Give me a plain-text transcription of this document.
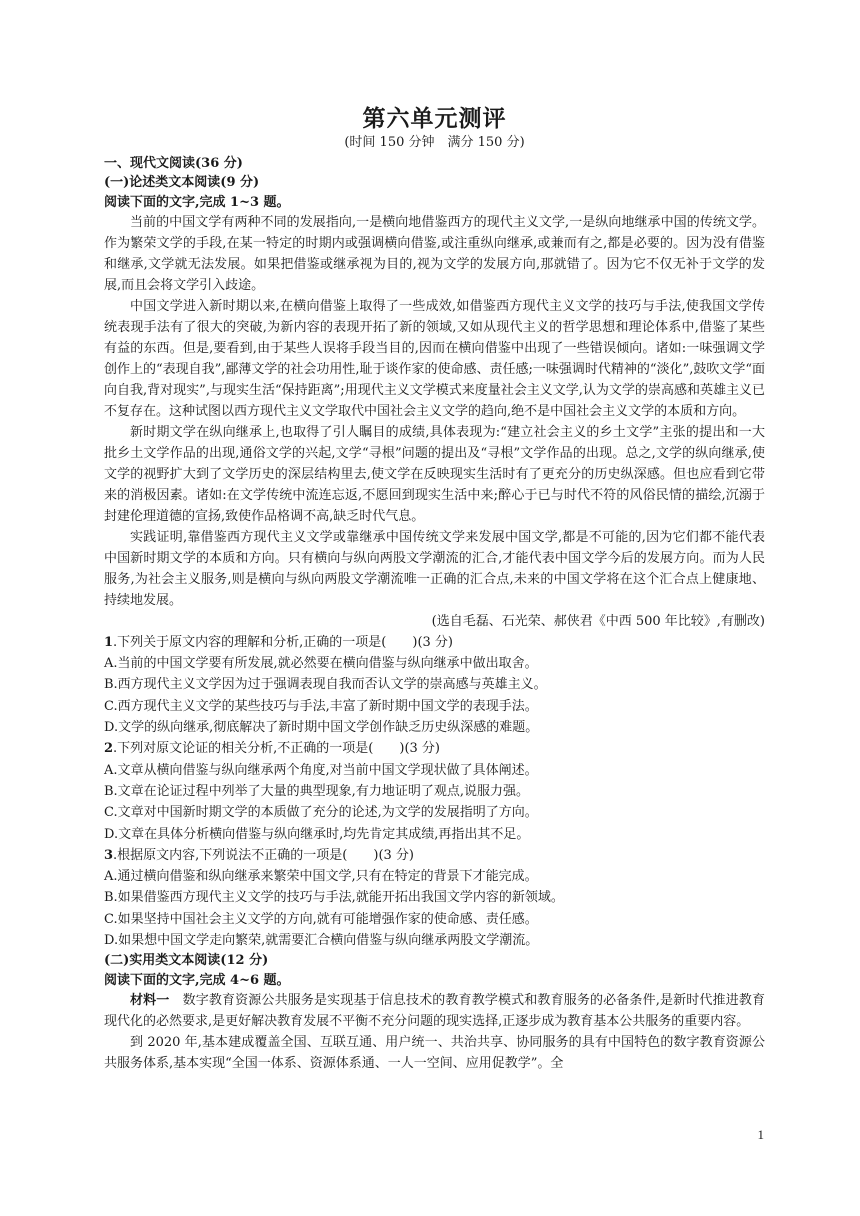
第六单元测评

(时间 150 分钟　满分 150 分)

一、现代文阅读(36 分)

(一)论述类文本阅读(9 分)

阅读下面的文字,完成 1~3 题。

当前的中国文学有两种不同的发展指向,一是横向地借鉴西方的现代主义文学,一是纵向地继承中国的传统文学。作为繁荣文学的手段,在某一特定的时期内或强调横向借鉴,或注重纵向继承,或兼而有之,都是必要的。因为没有借鉴和继承,文学就无法发展。如果把借鉴或继承视为目的,视为文学的发展方向,那就错了。因为它不仅无补于文学的发展,而且会将文学引入歧途。

中国文学进入新时期以来,在横向借鉴上取得了一些成效,如借鉴西方现代主义文学的技巧与手法,使我国文学传统表现手法有了很大的突破,为新内容的表现开拓了新的领域,又如从现代主义的哲学思想和理论体系中,借鉴了某些有益的东西。但是,要看到,由于某些人误将手段当目的,因而在横向借鉴中出现了一些错误倾向。诸如:一味强调文学创作上的“表现自我”,鄙薄文学的社会功用性,耻于谈作家的使命感、责任感;一味强调时代精神的“淡化”,鼓吹文学“面向自我,背对现实”,与现实生活“保持距离”;用现代主义文学模式来度量社会主义文学,认为文学的崇高感和英雄主义已不复存在。这种试图以西方现代主义文学取代中国社会主义文学的趋向,绝不是中国社会主义文学的本质和方向。

新时期文学在纵向继承上,也取得了引人瞩目的成绩,具体表现为:“建立社会主义的乡土文学”主张的提出和一大批乡土文学作品的出现,通俗文学的兴起,文学“寻根”问题的提出及“寻根”文学作品的出现。总之,文学的纵向继承,使文学的视野扩大到了文学历史的深层结构里去,使文学在反映现实生活时有了更充分的历史纵深感。但也应看到它带来的消极因素。诸如:在文学传统中流连忘返,不愿回到现实生活中来;醉心于已与时代不符的风俗民情的描绘,沉溺于封建伦理道德的宣扬,致使作品格调不高,缺乏时代气息。

实践证明,靠借鉴西方现代主义文学或靠继承中国传统文学来发展中国文学,都是不可能的,因为它们都不能代表中国新时期文学的本质和方向。只有横向与纵向两股文学潮流的汇合,才能代表中国文学今后的发展方向。而为人民服务,为社会主义服务,则是横向与纵向两股文学潮流唯一正确的汇合点,未来的中国文学将在这个汇合点上健康地、持续地发展。

(选自毛磊、石光荣、郝侠君《中西 500 年比较》,有删改)

1.下列关于原文内容的理解和分析,正确的一项是(　　)(3 分)

A.当前的中国文学要有所发展,就必然要在横向借鉴与纵向继承中做出取舍。

B.西方现代主义文学因为过于强调表现自我而否认文学的崇高感与英雄主义。

C.西方现代主义文学的某些技巧与手法,丰富了新时期中国文学的表现手法。

D.文学的纵向继承,彻底解决了新时期中国文学创作缺乏历史纵深感的难题。

2.下列对原文论证的相关分析,不正确的一项是(　　)(3 分)

A.文章从横向借鉴与纵向继承两个角度,对当前中国文学现状做了具体阐述。

B.文章在论证过程中列举了大量的典型现象,有力地证明了观点,说服力强。

C.文章对中国新时期文学的本质做了充分的论述,为文学的发展指明了方向。

D.文章在具体分析横向借鉴与纵向继承时,均先肯定其成绩,再指出其不足。

3.根据原文内容,下列说法不正确的一项是(　　)(3 分)

A.通过横向借鉴和纵向继承来繁荣中国文学,只有在特定的背景下才能完成。

B.如果借鉴西方现代主义文学的技巧与手法,就能开拓出我国文学内容的新领域。

C.如果坚持中国社会主义文学的方向,就有可能增强作家的使命感、责任感。

D.如果想中国文学走向繁荣,就需要汇合横向借鉴与纵向继承两股文学潮流。

(二)实用类文本阅读(12 分)

阅读下面的文字,完成 4~6 题。

材料一　数字教育资源公共服务是实现基于信息技术的教育教学模式和教育服务的必备条件,是新时代推进教育现代化的必然要求,是更好解决教育发展不平衡不充分问题的现实选择,正逐步成为教育基本公共服务的重要内容。

到 2020 年,基本建成覆盖全国、互联互通、用户统一、共治共享、协同服务的具有中国特色的数字教育资源公共服务体系,基本实现“全国一体系、资源体系通、一人一空间、应用促教学”。全

1
